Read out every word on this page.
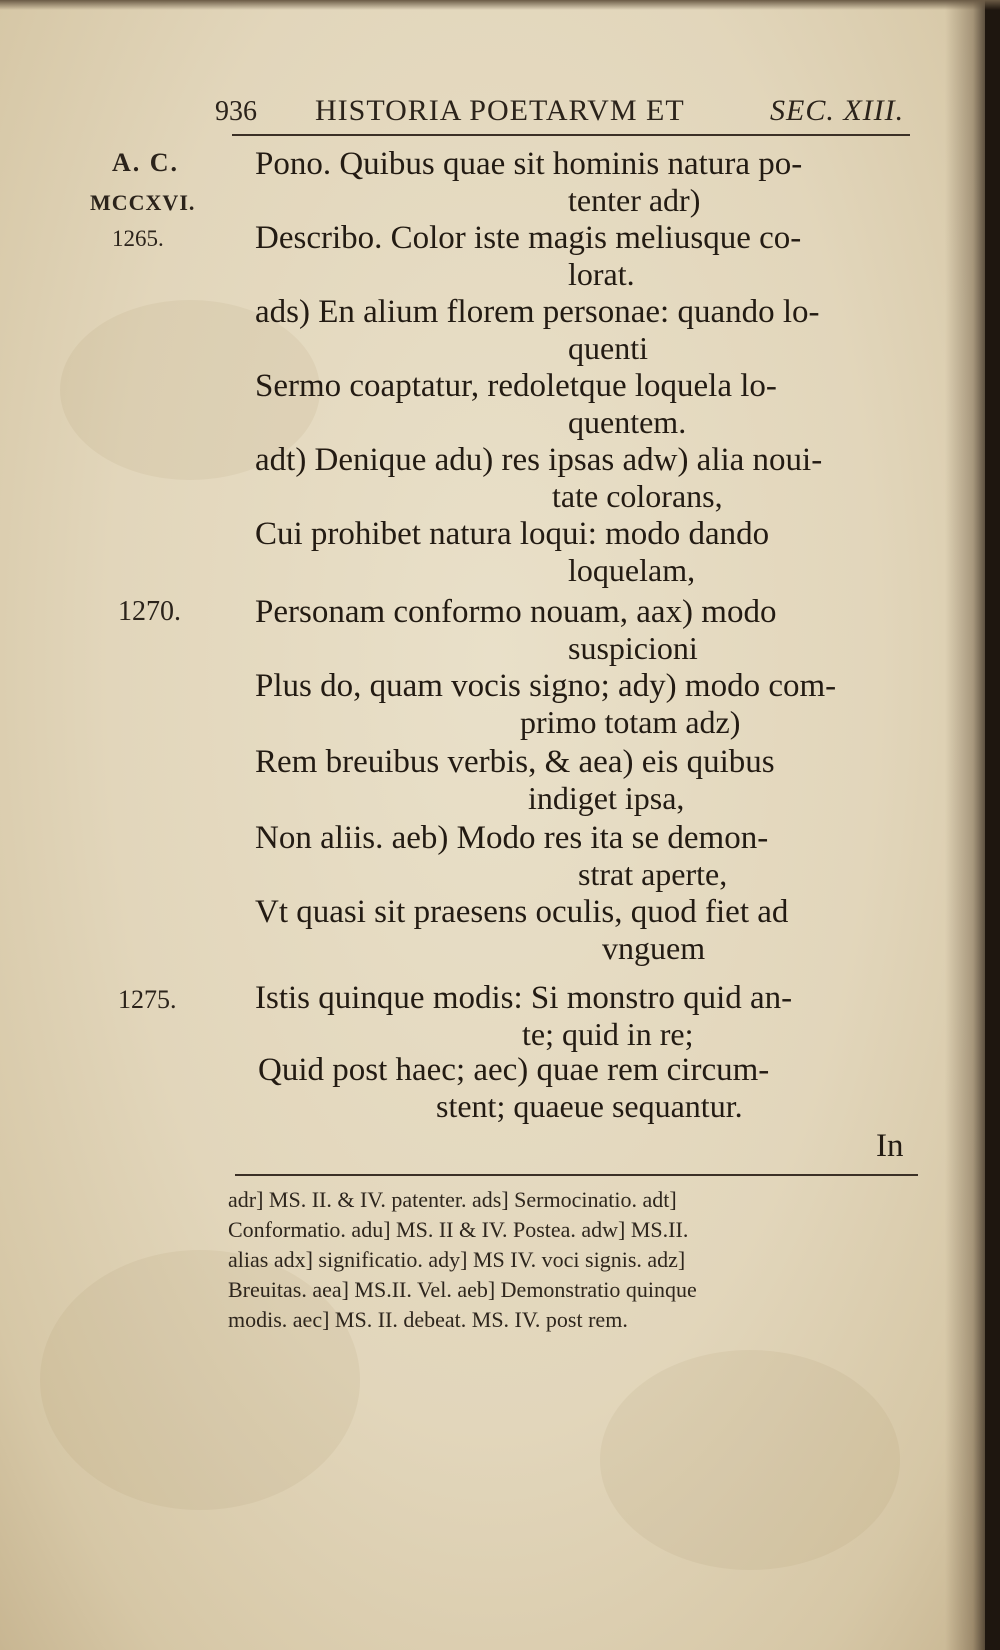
936 HISTORIA POETARVM ET	SEC. XIII.
A. C.
MCCXVI.
1265.
1270.
1275.
Pono. Quibus quae sit hominis natura po-
tenter adr)
Describo. Color iste magis meliusque co-
lorat.
ads) En alium florem personae: quando lo-
quenti
Sermo coaptatur, redoletque loquela lo-
quentem.
adt) Denique adu) res ipsas adw) alia noui-
tate colorans,
Cui prohibet natura loqui: modo dando
loquelam,
Personam conformo nouam, aax) modo
suspicioni
Plus do, quam vocis signo; ady) modo com-
primo totam adz)
Rem breuibus verbis, & aea) eis quibus
indiget ipsa,
Non aliis. aeb) Modo res ita se demon-
strat aperte,
Vt quasi sit praesens oculis, quod fiet ad
vnguem
Istis quinque modis: Si monstro quid an-
te; quid in re;
Quid post haec; aec) quae rem circum-
stent; quaeue sequantur.
In
adr] MS. II. & IV. patenter. ads] Sermocinatio. adt]
Conformatio. adu] MS. II & IV. Postea. adw] MS.II.
alias adx] significatio. ady] MS IV. voci signis. adz]
Breuitas. aea] MS.II. Vel. aeb] Demonstratio quinque
modis. aec] MS. II. debeat. MS. IV. post rem.
